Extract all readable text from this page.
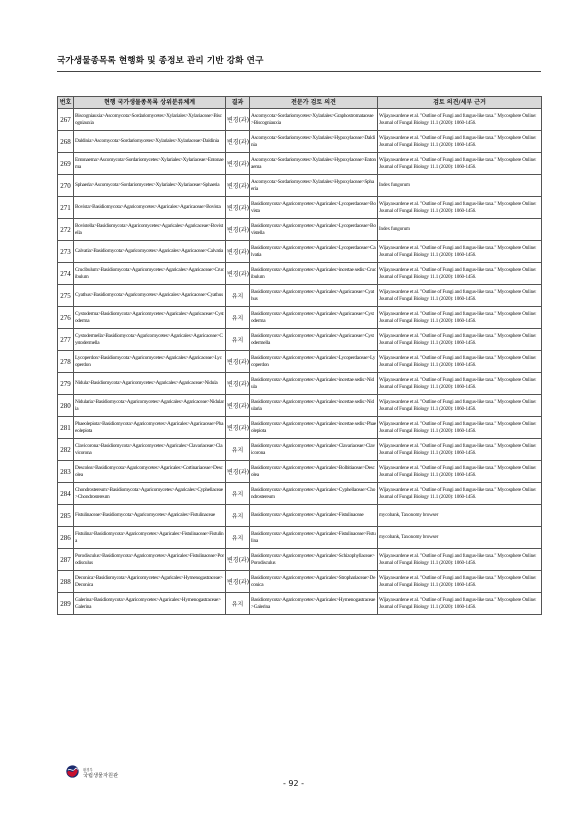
국가생물종목록 현행화 및 종정보 관리 기반 강화 연구
번호	현행 국가생물종목록 상위분류체계	결과	전문가 검토 의견	검토 의견/세부 근거
267	Biscogniauxia>Ascomycota>Sordariomycetes>Xylariales>Xylariaceae>Biscogniauxia	변경(과)	Ascomycota>Sordariomycetes>Xylariales>Graphostromataceae>Biscogniauxia	Wijayawardene et al. "Outline of Fungi and fungus-like taxa." Mycosphere Online: Journal of Fungal Biology 11.1 (2020): 1060-1456.
268	Daldinia>Ascomycota>Sordariomycetes>Xylariales>Xylariaceae>Daldinia	변경(과)	Ascomycota>Sordariomycetes>Xylariales>Hypoxylaceae>Daldinia	Wijayawardene et al. "Outline of Fungi and fungus-like taxa." Mycosphere Online: Journal of Fungal Biology 11.1 (2020): 1060-1456.
269	Entonaema>Ascomycota>Sordariomycetes>Xylariales>Xylariaceae>Entonaema	변경(과)	Ascomycota>Sordariomycetes>Xylariales>Hypoxylaceae>Entonaema	Wijayawardene et al. "Outline of Fungi and fungus-like taxa." Mycosphere Online: Journal of Fungal Biology 11.1 (2020): 1060-1456.
270	Sphaeria>Ascomycota>Sordariomycetes>Xylariales>Xylariaceae>Sphaeria	변경(과)	Ascomycota>Sordariomycetes>Xylariales>Hypoxylaceae>Sphaeria	Index fungorum
271	Bovista>Basidiomycota>Agaricomycetes>Agaricales>Agaricaceae>Bovista	변경(과)	Basidiomycota>Agaricomycetes>Agaricales>Lycoperdaceae>Bovista	Wijayawardene et al. "Outline of Fungi and fungus-like taxa." Mycosphere Online: Journal of Fungal Biology 11.1 (2020): 1060-1456.
272	Bovistella>Basidiomycota>Agaricomycetes>Agaricales>Agaricaceae>Bovistella	변경(과)	Basidiomycota>Agaricomycetes>Agaricales>Lycoperdaceae>Bovistella	Index fungorum
273	Calvatia>Basidiomycota>Agaricomycetes>Agaricales>Agaricaceae>Calvatia	변경(과)	Basidiomycota>Agaricomycetes>Agaricales>Lycoperdaceae>Calvatia	Wijayawardene et al. "Outline of Fungi and fungus-like taxa." Mycosphere Online: Journal of Fungal Biology 11.1 (2020): 1060-1456.
274	Crucibulum>Basidiomycota>Agaricomycetes>Agaricales>Agaricaceae>Crucibulum	변경(과)	Basidiomycota>Agaricomycetes>Agaricales>incertae sedis>Crucibulum	Wijayawardene et al. "Outline of Fungi and fungus-like taxa." Mycosphere Online: Journal of Fungal Biology 11.1 (2020): 1060-1456.
275	Cyathus>Basidiomycota>Agaricomycetes>Agaricales>Agaricaceae>Cyathus	유지	Basidiomycota>Agaricomycetes>Agaricales>Agaricaceae>Cyathus	Wijayawardene et al. "Outline of Fungi and fungus-like taxa." Mycosphere Online: Journal of Fungal Biology 11.1 (2020): 1060-1456.
276	Cystoderma>Basidiomycota>Agaricomycetes>Agaricales>Agaricaceae>Cystoderma	유지	Basidiomycota>Agaricomycetes>Agaricales>Agaricaceae>Cystoderma	Wijayawardene et al. "Outline of Fungi and fungus-like taxa." Mycosphere Online: Journal of Fungal Biology 11.1 (2020): 1060-1456.
277	Cystodermella>Basidiomycota>Agaricomycetes>Agaricales>Agaricaceae>Cystodermella	유지	Basidiomycota>Agaricomycetes>Agaricales>Agaricaceae>Cystodermella	Wijayawardene et al. "Outline of Fungi and fungus-like taxa." Mycosphere Online: Journal of Fungal Biology 11.1 (2020): 1060-1456.
278	Lycoperdon>Basidiomycota>Agaricomycetes>Agaricales>Agaricaceae>Lycoperdon	변경(과)	Basidiomycota>Agaricomycetes>Agaricales>Lycoperdaceae>Lycoperdon	Wijayawardene et al. "Outline of Fungi and fungus-like taxa." Mycosphere Online: Journal of Fungal Biology 11.1 (2020): 1060-1456.
279	Nidula>Basidiomycota>Agaricomycetes>Agaricales>Agaricaceae>Nidula	변경(과)	Basidiomycota>Agaricomycetes>Agaricales>incertae sedis>Nidula	Wijayawardene et al. "Outline of Fungi and fungus-like taxa." Mycosphere Online: Journal of Fungal Biology 11.1 (2020): 1060-1456.
280	Nidularia>Basidiomycota>Agaricomycetes>Agaricales>Agaricaceae>Nidularia	변경(과)	Basidiomycota>Agaricomycetes>Agaricales>incertae sedis>Nidularia	Wijayawardene et al. "Outline of Fungi and fungus-like taxa." Mycosphere Online: Journal of Fungal Biology 11.1 (2020): 1060-1456.
281	Phaeolepiota>Basidiomycota>Agaricomycetes>Agaricales>Agaricaceae>Phaeolepiota	변경(과)	Basidiomycota>Agaricomycetes>Agaricales>incertae sedis>Phaeolepiota	Wijayawardene et al. "Outline of Fungi and fungus-like taxa." Mycosphere Online: Journal of Fungal Biology 11.1 (2020): 1060-1456.
282	Clavicorona>Basidiomycota>Agaricomycetes>Agaricales>Clavariaceae>Clavicorona	유지	Basidiomycota>Agaricomycetes>Agaricales>Clavariaceae>Clavicorona	Wijayawardene et al. "Outline of Fungi and fungus-like taxa." Mycosphere Online: Journal of Fungal Biology 11.1 (2020): 1060-1456.
283	Descolea>Basidiomycota>Agaricomycetes>Agaricales>Cortinariaceae>Descolea	변경(과)	Basidiomycota>Agaricomycetes>Agaricales>Bolbitiaceae>Descolea	Wijayawardene et al. "Outline of Fungi and fungus-like taxa." Mycosphere Online: Journal of Fungal Biology 11.1 (2020): 1060-1456.
284	Chondrostereum>Basidiomycota>Agaricomycetes>Agaricales>Cyphellaceae>Chondrostereum	유지	Basidiomycota>Agaricomycetes>Agaricales>Cyphellaceae>Chondrostereum	Wijayawardene et al. "Outline of Fungi and fungus-like taxa." Mycosphere Online: Journal of Fungal Biology 11.1 (2020): 1060-1456.
285	Fistulinaceae>Basidiomycota>Agaricomycetes>Agaricales>Fistulinaceae	유지	Basidiomycota>Agaricomycetes>Agaricales>Fistulinaceae	mycobank, Taxonomy browser
286	Fistulina>Basidiomycota>Agaricomycetes>Agaricales>Fistulinaceae>Fistulina	유지	Basidiomycota>Agaricomycetes>Agaricales>Fistulinaceae>Fistulina	mycobank, Taxonomy browser
287	Porodisculus>Basidiomycota>Agaricomycetes>Agaricales>Fistulinaceae>Porodisculus	변경(과)	Basidiomycota>Agaricomycetes>Agaricales>Schizophyllaceae>Porodisculus	Wijayawardene et al. "Outline of Fungi and fungus-like taxa." Mycosphere Online: Journal of Fungal Biology 11.1 (2020): 1060-1456.
288	Deconica>Basidiomycota>Agaricomycetes>Agaricales>Hymenogastraceae>Deconica	변경(과)	Basidiomycota>Agaricomycetes>Agaricales>Strophariaceae>Deconica	Wijayawardene et al. "Outline of Fungi and fungus-like taxa." Mycosphere Online: Journal of Fungal Biology 11.1 (2020): 1060-1456.
289	Galerina>Basidiomycota>Agaricomycetes>Agaricales>Hymenogastraceae>Galerina	유지	Basidiomycota>Agaricomycetes>Agaricales>Hymenogastraceae>Galerina	Wijayawardene et al. "Outline of Fungi and fungus-like taxa." Mycosphere Online: Journal of Fungal Biology 11.1 (2020): 1060-1456.
환경부
국립생물자원관
- 92 -
